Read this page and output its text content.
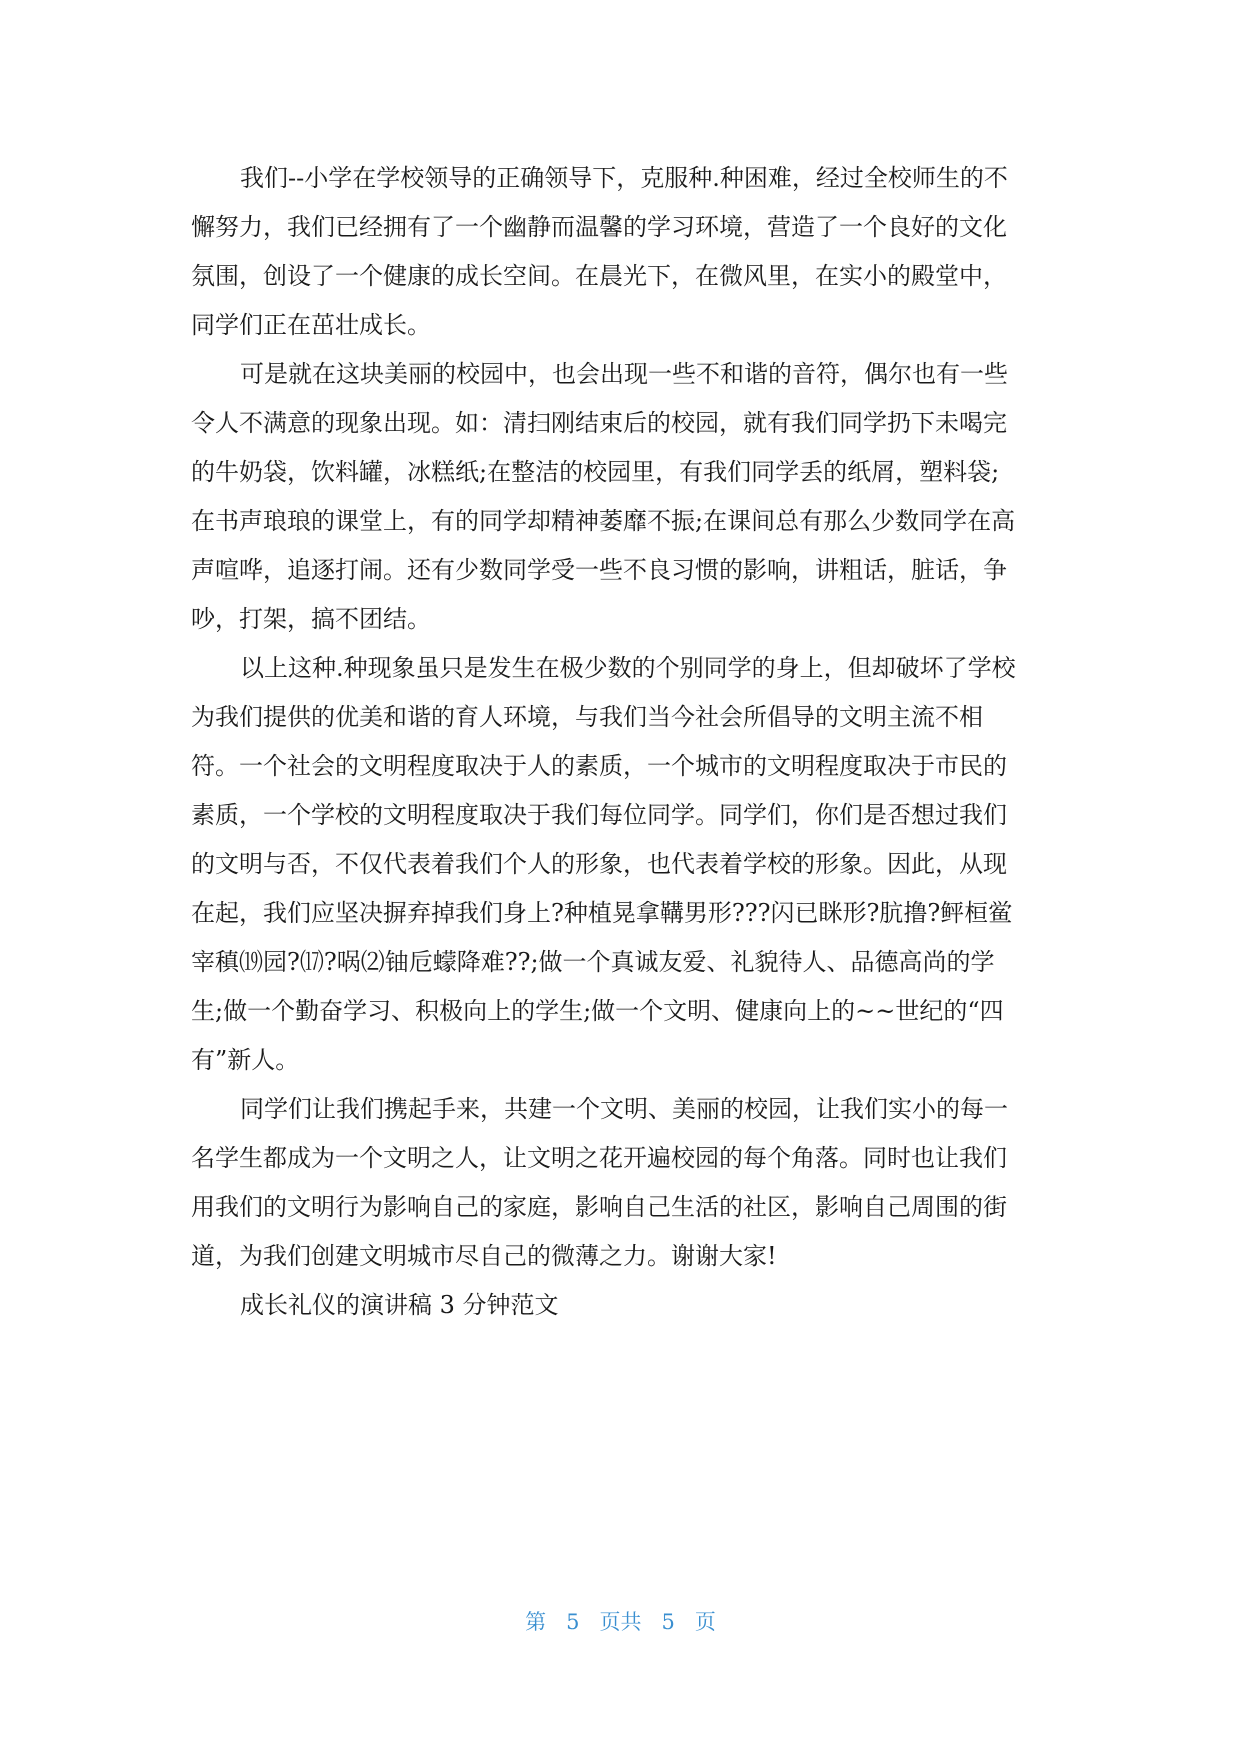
我们--小学在学校领导的正确领导下，克服种.种困难，经过全校师生的不
懈努力，我们已经拥有了一个幽静而温馨的学习环境，营造了一个良好的文化
氛围，创设了一个健康的成长空间。在晨光下，在微风里，在实小的殿堂中，
同学们正在茁壮成长。
可是就在这块美丽的校园中，也会出现一些不和谐的音符，偶尔也有一些
令人不满意的现象出现。如：清扫刚结束后的校园，就有我们同学扔下未喝完
的牛奶袋，饮料罐，冰糕纸;在整洁的校园里，有我们同学丢的纸屑，塑料袋;
在书声琅琅的课堂上，有的同学却精神萎靡不振;在课间总有那么少数同学在高
声喧哗，追逐打闹。还有少数同学受一些不良习惯的影响，讲粗话，脏话，争
吵，打架，搞不团结。
以上这种.种现象虽只是发生在极少数的个别同学的身上，但却破坏了学校
为我们提供的优美和谐的育人环境，与我们当今社会所倡导的文明主流不相
符。一个社会的文明程度取决于人的素质，一个城市的文明程度取决于市民的
素质，一个学校的文明程度取决于我们每位同学。同学们，你们是否想过我们
的文明与否，不仅代表着我们个人的形象，也代表着学校的形象。因此，从现
在起，我们应坚决摒弃掉我们身上?种植晃拿鞲男形???闪已眯形?肮撸?鲆桓鲎
宰稹⒆园?⒄?㖞⑵铀卮蠓降难??;做一个真诚友爱、礼貌待人、品德高尚的学
生;做一个勤奋学习、积极向上的学生;做一个文明、健康向上的~~世纪的“四
有”新人。
同学们让我们携起手来，共建一个文明、美丽的校园，让我们实小的每一
名学生都成为一个文明之人，让文明之花开遍校园的每个角落。同时也让我们
用我们的文明行为影响自己的家庭，影响自己生活的社区，影响自己周围的街
道，为我们创建文明城市尽自己的微薄之力。谢谢大家!
成长礼仪的演讲稿 3 分钟范文
第 5 页共 5 页
